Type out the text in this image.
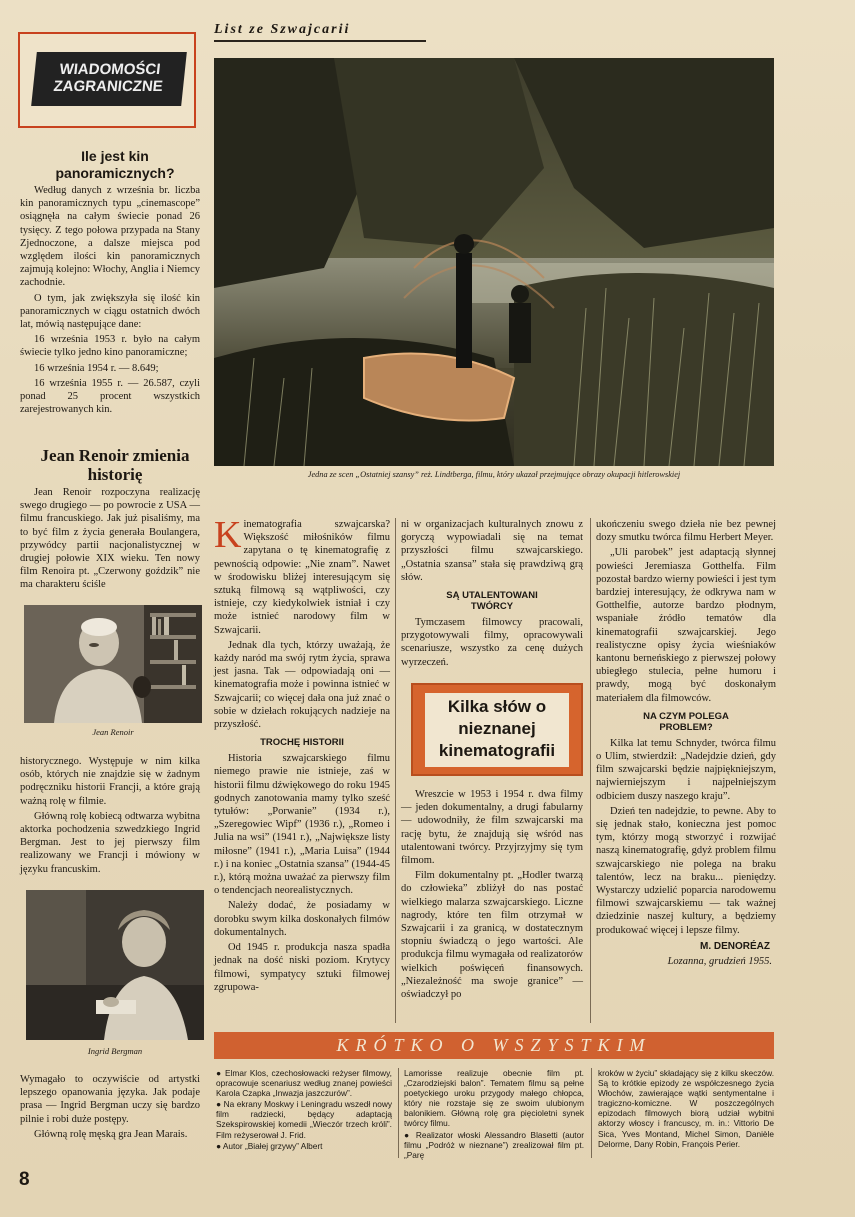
List ze Szwajcarii
WIADOMOŚCI ZAGRANICZNE
Ile jest kin panoramicznych?

Według danych z września br. liczba kin panoramicznych typu „cinemascope” osiągnęła na całym świecie ponad 26 tysięcy. Z tego połowa przypada na Stany Zjednoczone, a dalsze miejsca pod względem ilości kin panoramicznych zajmują kolejno: Włochy, Anglia i Niemcy zachodnie.

O tym, jak zwiększyła się ilość kin panoramicznych w ciągu ostatnich dwóch lat, mówią następujące dane:

16 września 1953 r. było na całym świecie tylko jedno kino panoramiczne;

16 września 1954 r. — 8.649;

16 września 1955 r. — 26.587, czyli ponad 25 procent wszystkich zarejestrowanych kin.

Jean Renoir zmienia historię

Jean Renoir rozpoczyna realizację swego drugiego — po powrocie z USA — filmu francuskiego. Jak już pisaliśmy, ma to być film z życia generała Boulangera, przywódcy partii nacjonalistycznej w drugiej połowie XIX wieku. Ten nowy film Renoira pt. „Czerwony goździk” nie ma charakteru ściśle

Jean Renoir

historycznego. Występuje w nim kilka osób, których nie znajdzie się w żadnym podręczniku historii Francji, a które grają ważną rolę w filmie.

Główną rolę kobiecą odtwarza wybitna aktorka pochodzenia szwedzkiego Ingrid Bergman. Jest to jej pierwszy film realizowany we Francji i mówiony w języku francuskim.

Ingrid Bergman

Wymagało to oczywiście od artystki lepszego opanowania języka. Jak podaje prasa — Ingrid Bergman uczy się bardzo pilnie i robi duże postępy.

Główną rolę męską gra Jean Marais.

Jedna ze scen „Ostatniej szansy” reż. Lindtberga, filmu, który ukazał przejmujące obrazy okupacji hitlerowskiej

Kinematografia szwajcarska? Większość miłośników filmu zapytana o tę kinematografię z pewnością odpowie: „Nie znam”. Nawet w środowisku bliżej interesującym się sztuką filmową są wątpliwości, czy istnieje, czy kiedykolwiek istniał i czy może istnieć narodowy film w Szwajcarii.

Jednak dla tych, którzy uważają, że każdy naród ma swój rytm życia, sprawa jest jasna. Tak — odpowiadają oni — kinematografia może i powinna istnieć w Szwajcarii; co więcej dała ona już znać o sobie w dziełach rokujących nadzieje na przyszłość.

TROCHĘ HISTORII

Historia szwajcarskiego filmu niemego prawie nie istnieje, zaś w historii filmu dźwiękowego do roku 1945 godnych zanotowania mamy tylko sześć tytułów: „Porwanie” (1934 r.), „Szeregowiec Wipf” (1936 r.), „Romeo i Julia na wsi” (1941 r.), „Największe listy miłosne” (1941 r.), „Maria Luisa” (1944 r.) i na koniec „Ostatnia szansa” (1944-45 r.), którą można uważać za pierwszy film o tendencjach neorealistycznych.

Należy dodać, że posiadamy w dorobku swym kilka doskonałych filmów dokumentalnych.

Od 1945 r. produkcja nasza spadła jednak na dość niski poziom. Krytycy filmowi, sympatycy sztuki filmowej zgrupowa-

ni w organizacjach kulturalnych znowu z goryczą wypowiadali się na temat przyszłości filmu szwajcarskiego. „Ostatnia szansa” stała się prawdziwą grą słów.

SĄ UTALENTOWANI TWÓRCY

Tymczasem filmowcy pracowali, przygotowywali filmy, opracowywali scenariusze, wszystko za cenę dużych wyrzeczeń.

Kilka słów o nieznanej kinematografii

Wreszcie w 1953 i 1954 r. dwa filmy — jeden dokumentalny, a drugi fabularny — udowodniły, że film szwajcarski ma rację bytu, że znajdują się wśród nas utalentowani twórcy. Przyjrzyjmy się tym filmom.

Film dokumentalny pt. „Hodler twarzą do człowieka” zbliżył do nas postać wielkiego malarza szwajcarskiego. Liczne nagrody, które ten film otrzymał w Szwajcarii i za granicą, w dostatecznym stopniu świadczą o jego wartości. Ale produkcja filmu wymagała od realizatorów wielkich poświęceń finansowych. „Niezależność ma swoje granice” — oświadczył po

ukończeniu swego dzieła nie bez pewnej dozy smutku twórca filmu Herbert Meyer.

„Uli parobek” jest adaptacją słynnej powieści Jeremiasza Gotthelfa. Film pozostał bardzo wierny powieści i jest tym bardziej interesujący, że odkrywa nam w Gotthelfie, autorze bardzo płodnym, wspaniałe źródło tematów dla kinematografii szwajcarskiej. Jego realistyczne opisy życia wieśniaków kantonu berneńskiego z pierwszej połowy ubiegłego stulecia, pełne humoru i prawdy, mogą być doskonałym materiałem dla filmowców.

NA CZYM POLEGA PROBLEM?

Kilka lat temu Schnyder, twórca filmu o Ulim, stwierdził: „Nadejdzie dzień, gdy film szwajcarski będzie najpiękniejszym, najwierniejszym i najpełniejszym odbiciem duszy naszego kraju”.

Dzień ten nadejdzie, to pewne. Aby to się jednak stało, konieczna jest pomoc tym, którzy mogą stworzyć i rozwijać naszą kinematografię, gdyż problem filmu szwajcarskiego nie polega na braku talentów, lecz na braku... pieniędzy. Wystarczy udzielić poparcia narodowemu filmowi szwajcarskiemu — tak ważnej dziedzinie naszej kultury, a będziemy produkować więcej i lepsze filmy.

M. DENORÉAZ
Lozanna, grudzień 1955.
KRÓTKO O WSZYSTKIM

● Elmar Klos, czechosłowacki reżyser filmowy, opracowuje scenariusz według znanej powieści Karola Czapka „Inwazja jaszczurów”.

● Na ekrany Moskwy i Leningradu wszedł nowy film radziecki, będący adaptacją Szekspirowskiej komedii „Wieczór trzech króli”. Film reżyserował J. Frid.

● Autor „Białej grzywy” Albert

Lamorisse realizuje obecnie film pt. „Czarodziejski balon”. Tematem filmu są pełne poetyckiego uroku przygody małego chłopca, który nie rozstaje się ze swoim ulubionym balonikiem. Główną rolę gra pięcioletni synek twórcy filmu.

● Realizator włoski Alessandro Blasetti (autor filmu „Podróż w nieznane”) zrealizował film pt. „Parę

kroków w życiu” składający się z kilku skeczów. Są to krótkie epizody ze współczesnego życia Włochów, zawierające wątki sentymentalne i tragiczno-komiczne. W poszczególnych epizodach filmowych biorą udział wybitni aktorzy włoscy i francuscy, m. in.: Vittorio De Sica, Yves Montand, Michel Simon, Danièle Delorme, Dany Robin, François Perier.

8
